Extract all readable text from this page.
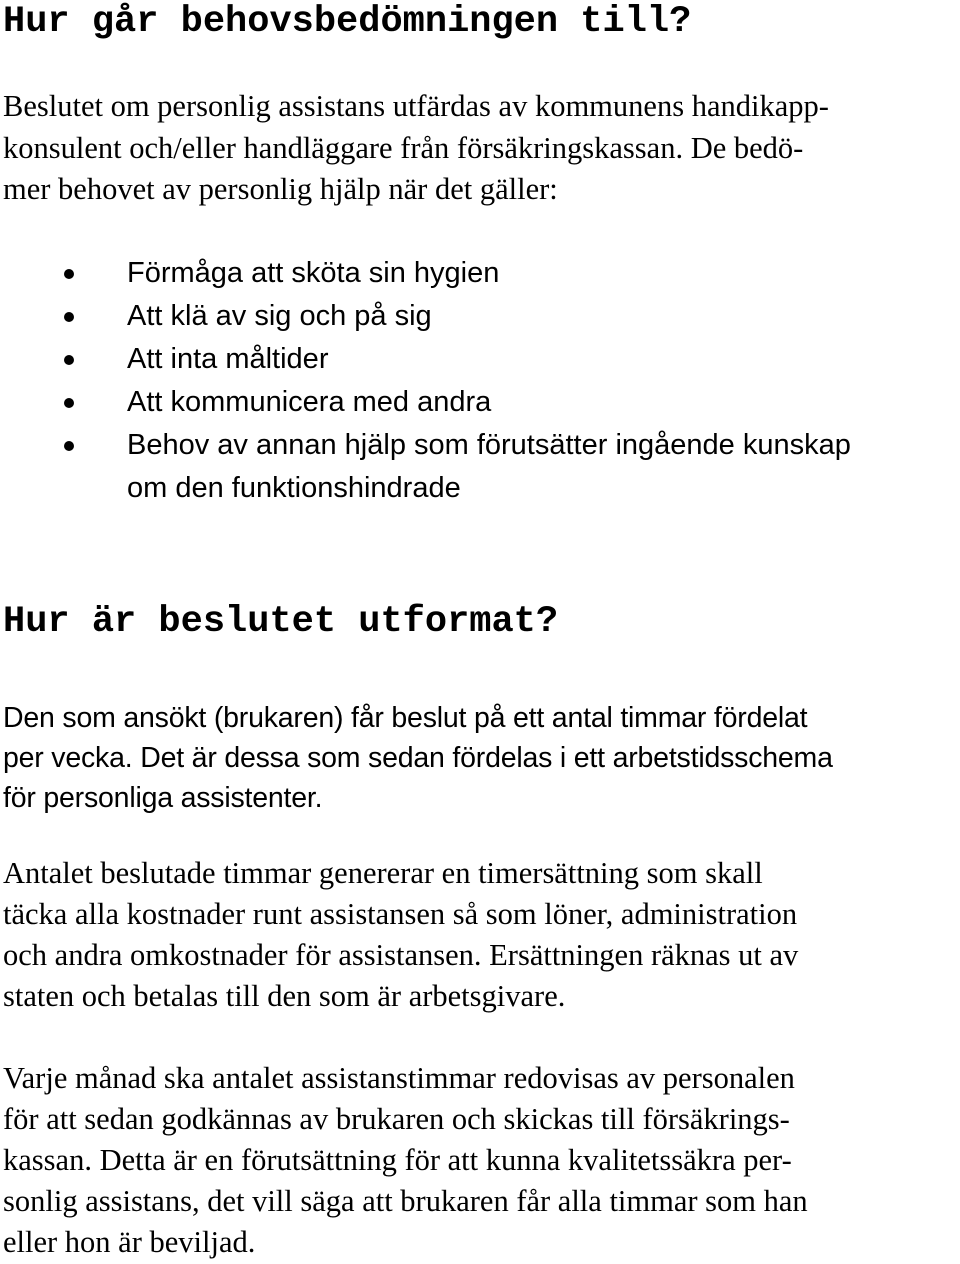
Hur går behovsbedömningen till?

Beslutet om personlig assistans utfärdas av kommunens handikapp-
konsulent och/eller handläggare från försäkringskassan. De bedö-
mer behovet av personlig hjälp när det gäller:

Förmåga att sköta sin hygien
Att klä av sig och på sig
Att inta måltider
Att kommunicera med andra
Behov av annan hjälp som förutsätter ingående kunskap
om den funktionshindrade
Hur är beslutet utformat?

Den som ansökt (brukaren) får beslut på ett antal timmar fördelat
per vecka. Det är dessa som sedan fördelas i ett arbetstidsschema
för personliga assistenter.

Antalet beslutade timmar genererar en timersättning som skall
täcka alla kostnader runt assistansen så som löner, administration
och andra omkostnader för assistansen. Ersättningen räknas ut av
staten och betalas till den som är arbetsgivare.

Varje månad ska antalet assistanstimmar redovisas av personalen
för att sedan godkännas av brukaren och skickas till försäkrings-
kassan. Detta är en förutsättning för att kunna kvalitetssäkra per-
sonlig assistans, det vill säga att brukaren får alla timmar som han
eller hon är beviljad.
